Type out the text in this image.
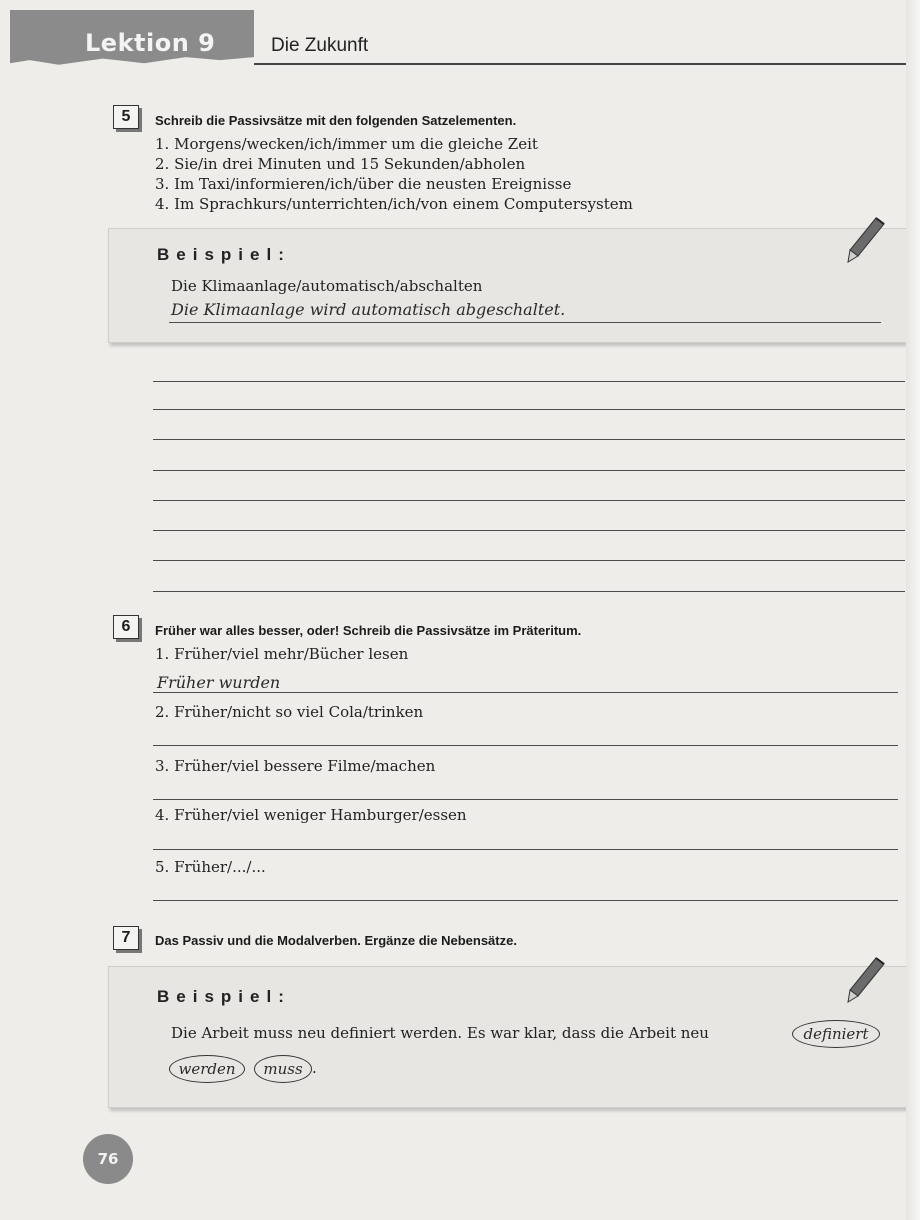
Lektion 9	Die Zukunft
5	Schreib die Passivsätze mit den folgenden Satzelementen.
1. Morgens/wecken/ich/immer um die gleiche Zeit
2. Sie/in drei Minuten und 15 Sekunden/abholen
3. Im Taxi/informieren/ich/über die neusten Ereignisse
4. Im Sprachkurs/unterrichten/ich/von einem Computersystem
Beispiel:
Die Klimaanlage/automatisch/abschalten
Die Klimaanlage wird automatisch abgeschaltet.
6	Früher war alles besser, oder! Schreib die Passivsätze im Präteritum.
1. Früher/viel mehr/Bücher lesen
Früher wurden
2. Früher/nicht so viel Cola/trinken
3. Früher/viel bessere Filme/machen
4. Früher/viel weniger Hamburger/essen
5. Früher/.../...
7	Das Passiv und die Modalverben. Ergänze die Nebensätze.
Beispiel:
Die Arbeit muss neu definiert werden. Es war klar, dass die Arbeit neu	definiert
werden	muss .
76
